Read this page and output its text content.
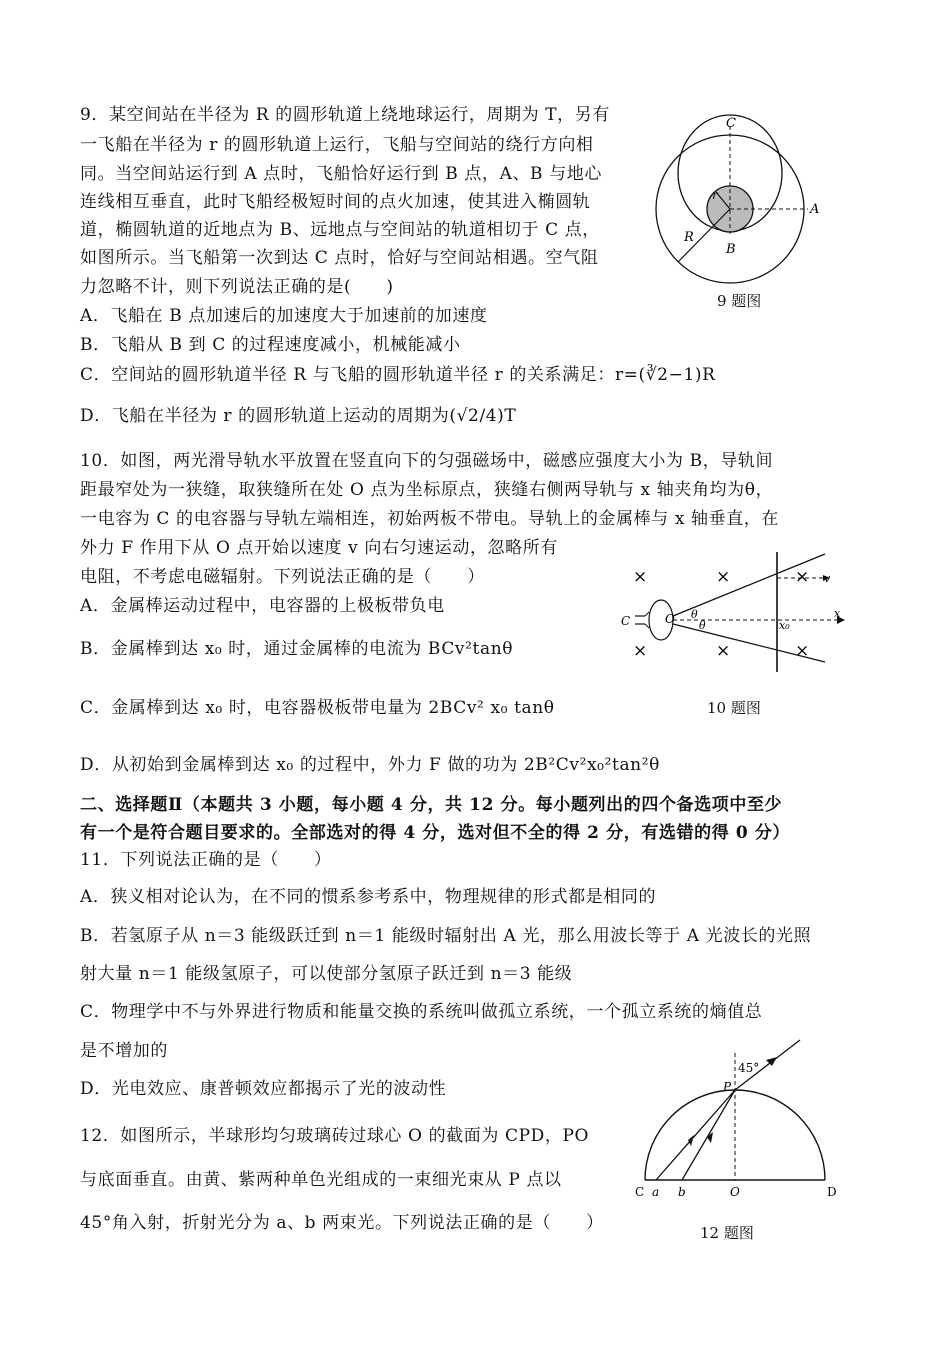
9．某空间站在半径为 R 的圆形轨道上绕地球运行，周期为 T，另有
一飞船在半径为 r 的圆形轨道上运行，飞船与空间站的绕行方向相
同。当空间站运行到 A 点时，飞船恰好运行到 B 点，A、B 与地心
连线相互垂直，此时飞船经极短时间的点火加速，使其进入椭圆轨
道，椭圆轨道的近地点为 B、远地点与空间站的轨道相切于 C 点，
如图所示。当飞船第一次到达 C 点时，恰好与空间站相遇。空气阻
力忽略不计，则下列说法正确的是(　　)
A．飞船在 B 点加速后的加速度大于加速前的加速度
B．飞船从 B 到 C 的过程速度减小，机械能减小
C．空间站的圆形轨道半径 R 与飞船的圆形轨道半径 r 的关系满足：r=(∛2−1)R
D．飞船在半径为 r 的圆形轨道上运动的周期为(√2/4)T
C
A
B
R
r
9 题图
10．如图，两光滑导轨水平放置在竖直向下的匀强磁场中，磁感应强度大小为 B，导轨间
距最窄处为一狭缝，取狭缝所在处 O 点为坐标原点，狭缝右侧两导轨与 x 轴夹角均为θ，
一电容为 C 的电容器与导轨左端相连，初始两板不带电。导轨上的金属棒与 x 轴垂直，在
外力 F 作用下从 O 点开始以速度 v 向右匀速运动，忽略所有
电阻，不考虑电磁辐射。下列说法正确的是（　　）
A．金属棒运动过程中，电容器的上极板带负电
B．金属棒到达 x₀ 时，通过金属棒的电流为 BCv²tanθ
C．金属棒到达 x₀ 时，电容器极板带电量为 2BCv² x₀ tanθ
D．从初始到金属棒到达 x₀ 的过程中，外力 F 做的功为 2B²Cv²x₀²tan²θ
C	O θ
θ
v
x
x₀
×	×	×
×	×	×
10 题图
二、选择题Ⅱ（本题共 3 小题，每小题 4 分，共 12 分。每小题列出的四个备选项中至少
有一个是符合题目要求的。全部选对的得 4 分，选对但不全的得 2 分，有选错的得 0 分）
11．下列说法正确的是（　　）
A．狭义相对论认为，在不同的惯系参考系中，物理规律的形式都是相同的
B．若氢原子从 n＝3 能级跃迁到 n＝1 能级时辐射出 A 光，那么用波长等于 A 光波长的光照
射大量 n＝1 能级氢原子，可以使部分氢原子跃迁到 n＝3 能级
C．物理学中不与外界进行物质和能量交换的系统叫做孤立系统，一个孤立系统的熵值总
是不增加的
D．光电效应、康普顿效应都揭示了光的波动性
12．如图所示，半球形均匀玻璃砖过球心 O 的截面为 CPD，PO
与底面垂直。由黄、紫两种单色光组成的一束细光束从 P 点以
45°角入射，折射光分为 a、b 两束光。下列说法正确的是（　　）
45°
P
C a b	O	D
12 题图
